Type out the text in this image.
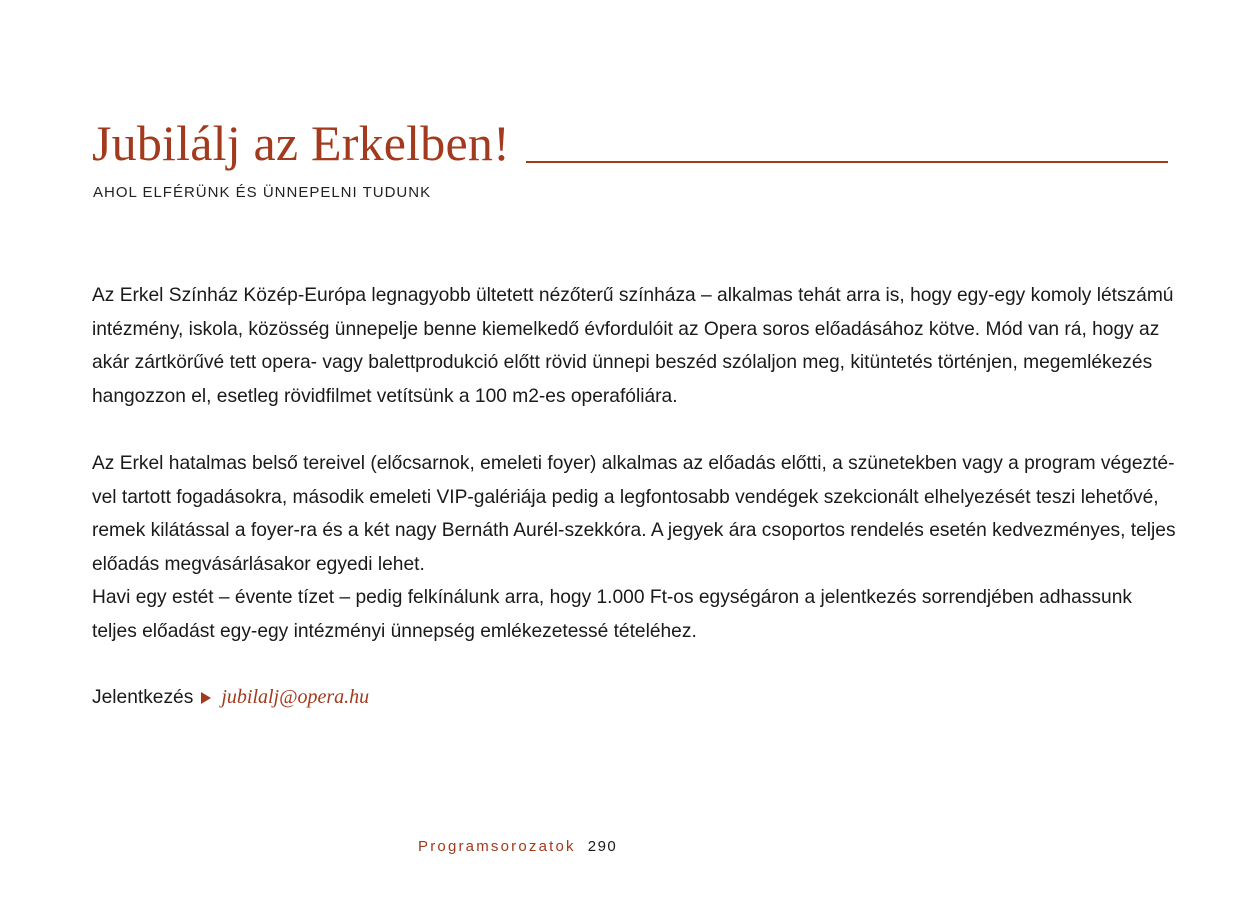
Jubilálj az Erkelben!
AHOL ELFÉRÜNK ÉS ÜNNEPELNI TUDUNK

Az Erkel Színház Közép-Európa legnagyobb ültetett nézőterű színháza – alkalmas tehát arra is, hogy egy-egy komoly létszámú intézmény, iskola, közösség ünnepelje benne kiemelkedő évfordulóit az Opera soros előadásához kötve. Mód van rá, hogy az akár zártkörűvé tett opera- vagy balettprodukció előtt rövid ünnepi beszéd szólaljon meg, kitüntetés történjen, megemlékezés hangozzon el, esetleg rövidfilmet vetítsünk a 100 m2-es operafóliára.

Az Erkel hatalmas belső tereivel (előcsarnok, emeleti foyer) alkalmas az előadás előtti, a szünetekben vagy a program végeztével tartott fogadásokra, második emeleti VIP-galériája pedig a legfontosabb vendégek szekcionált elhelyezését teszi lehetővé, remek kilátással a foyer-ra és a két nagy Bernáth Aurél-szekkóra. A jegyek ára csoportos rendelés esetén kedvezményes, teljes előadás megvásárlásakor egyedi lehet.

Havi egy estét – évente tízet – pedig felkínálunk arra, hogy 1.000 Ft-os egységáron a jelentkezés sorrendjében adhassunk teljes előadást egy-egy intézményi ünnepség emlékezetessé tételéhez.

Jelentkezés jubilalj@opera.hu
Programsorozatok 290
